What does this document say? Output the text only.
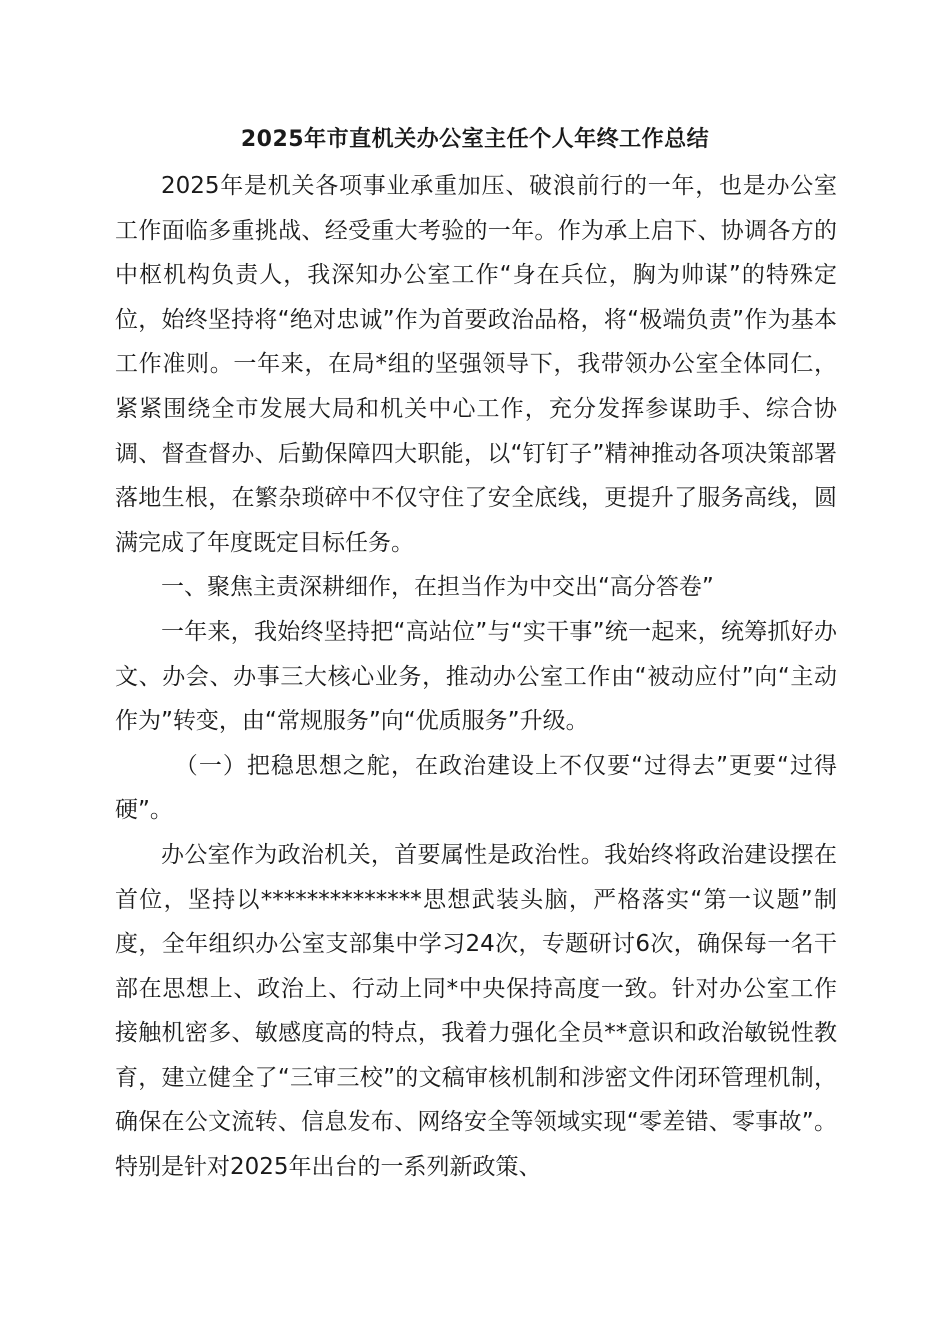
2025年市直机关办公室主任个人年终工作总结

2025年是机关各项事业承重加压、破浪前行的一年，也是办公室工作面临多重挑战、经受重大考验的一年。作为承上启下、协调各方的中枢机构负责人，我深知办公室工作“身在兵位，胸为帅谋”的特殊定位，始终坚持将“绝对忠诚”作为首要政治品格，将“极端负责”作为基本工作准则。一年来，在局*组的坚强领导下，我带领办公室全体同仁，紧紧围绕全市发展大局和机关中心工作，充分发挥参谋助手、综合协调、督查督办、后勤保障四大职能，以“钉钉子”精神推动各项决策部署落地生根，在繁杂琐碎中不仅守住了安全底线，更提升了服务高线，圆满完成了年度既定目标任务。

一、聚焦主责深耕细作，在担当作为中交出“高分答卷”

一年来，我始终坚持把“高站位”与“实干事”统一起来，统筹抓好办文、办会、办事三大核心业务，推动办公室工作由“被动应付”向“主动作为”转变，由“常规服务”向“优质服务”升级。

（一）把稳思想之舵，在政治建设上不仅要“过得去”更要“过得硬”。

办公室作为政治机关，首要属性是政治性。我始终将政治建设摆在首位，坚持以**************思想武装头脑，严格落实“第一议题”制度，全年组织办公室支部集中学习24次，专题研讨6次，确保每一名干部在思想上、政治上、行动上同*中央保持高度一致。针对办公室工作接触机密多、敏感度高的特点，我着力强化全员**意识和政治敏锐性教育，建立健全了“三审三校”的文稿审核机制和涉密文件闭环管理机制，确保在公文流转、信息发布、网络安全等领域实现“零差错、零事故”。特别是针对2025年出台的一系列新政策、
